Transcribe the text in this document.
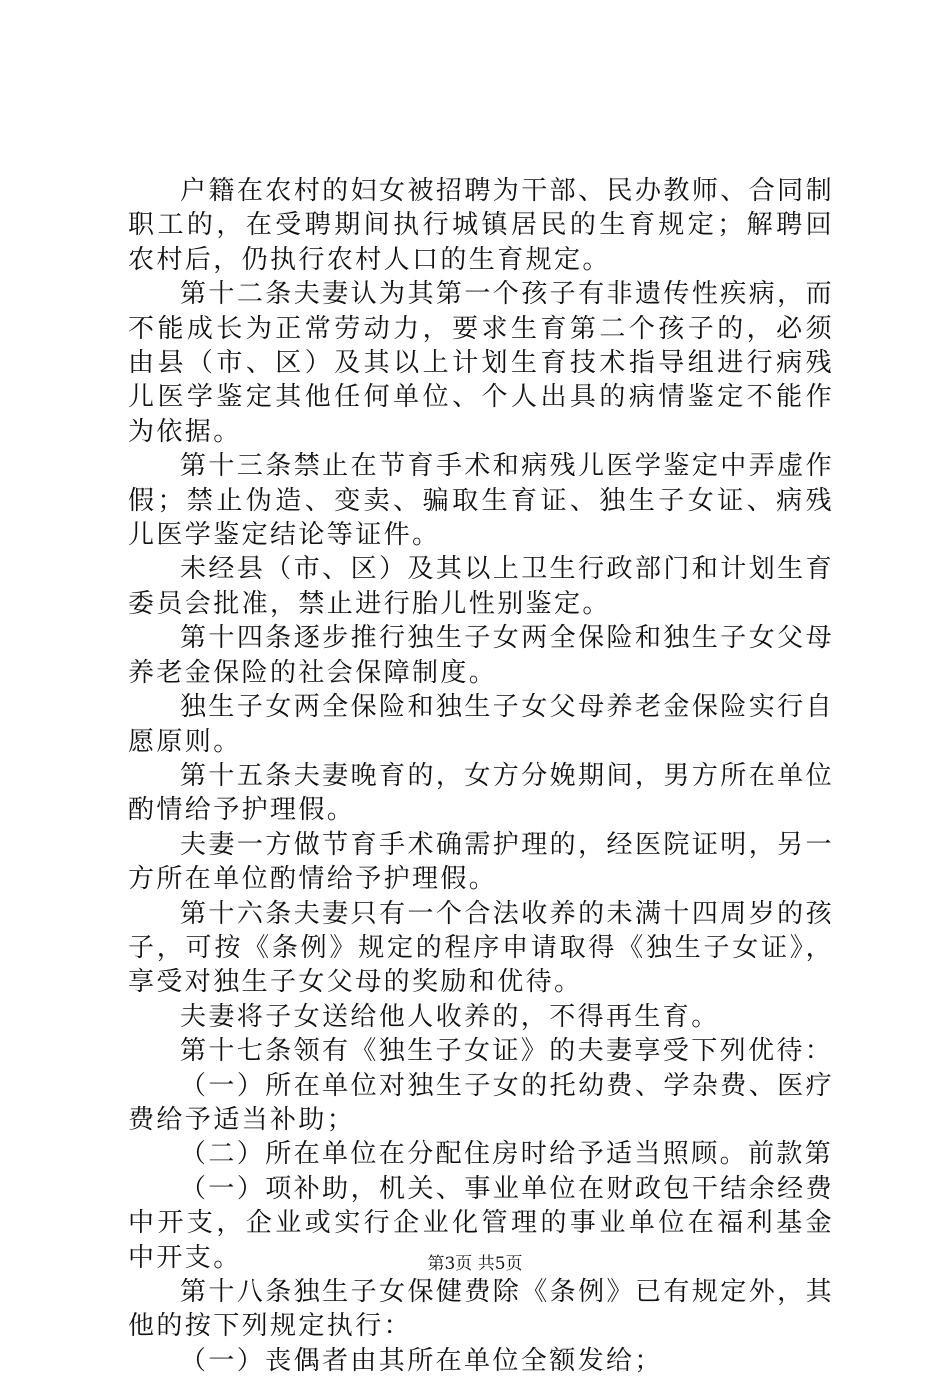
户籍在农村的妇女被招聘为干部、民办教师、合同制职工的，在受聘期间执行城镇居民的生育规定；解聘回农村后，仍执行农村人口的生育规定。

第十二条夫妻认为其第一个孩子有非遗传性疾病，而不能成长为正常劳动力，要求生育第二个孩子的，必须由县（市、区）及其以上计划生育技术指导组进行病残儿医学鉴定其他任何单位、个人出具的病情鉴定不能作为依据。

第十三条禁止在节育手术和病残儿医学鉴定中弄虚作假；禁止伪造、变卖、骗取生育证、独生子女证、病残儿医学鉴定结论等证件。

未经县（市、区）及其以上卫生行政部门和计划生育委员会批准，禁止进行胎儿性别鉴定。

第十四条逐步推行独生子女两全保险和独生子女父母养老金保险的社会保障制度。

独生子女两全保险和独生子女父母养老金保险实行自愿原则。

第十五条夫妻晚育的，女方分娩期间，男方所在单位酌情给予护理假。

夫妻一方做节育手术确需护理的，经医院证明，另一方所在单位酌情给予护理假。

第十六条夫妻只有一个合法收养的未满十四周岁的孩子，可按《条例》规定的程序申请取得《独生子女证》，享受对独生子女父母的奖励和优待。

夫妻将子女送给他人收养的，不得再生育。

第十七条领有《独生子女证》的夫妻享受下列优待：

（一）所在单位对独生子女的托幼费、学杂费、医疗费给予适当补助；

（二）所在单位在分配住房时给予适当照顾。前款第

（一）项补助，机关、事业单位在财政包干结余经费中开支，企业或实行企业化管理的事业单位在福利基金中开支。

第十八条独生子女保健费除《条例》已有规定外，其他的按下列规定执行：

（一）丧偶者由其所在单位全额发给；

第3页 共5页
